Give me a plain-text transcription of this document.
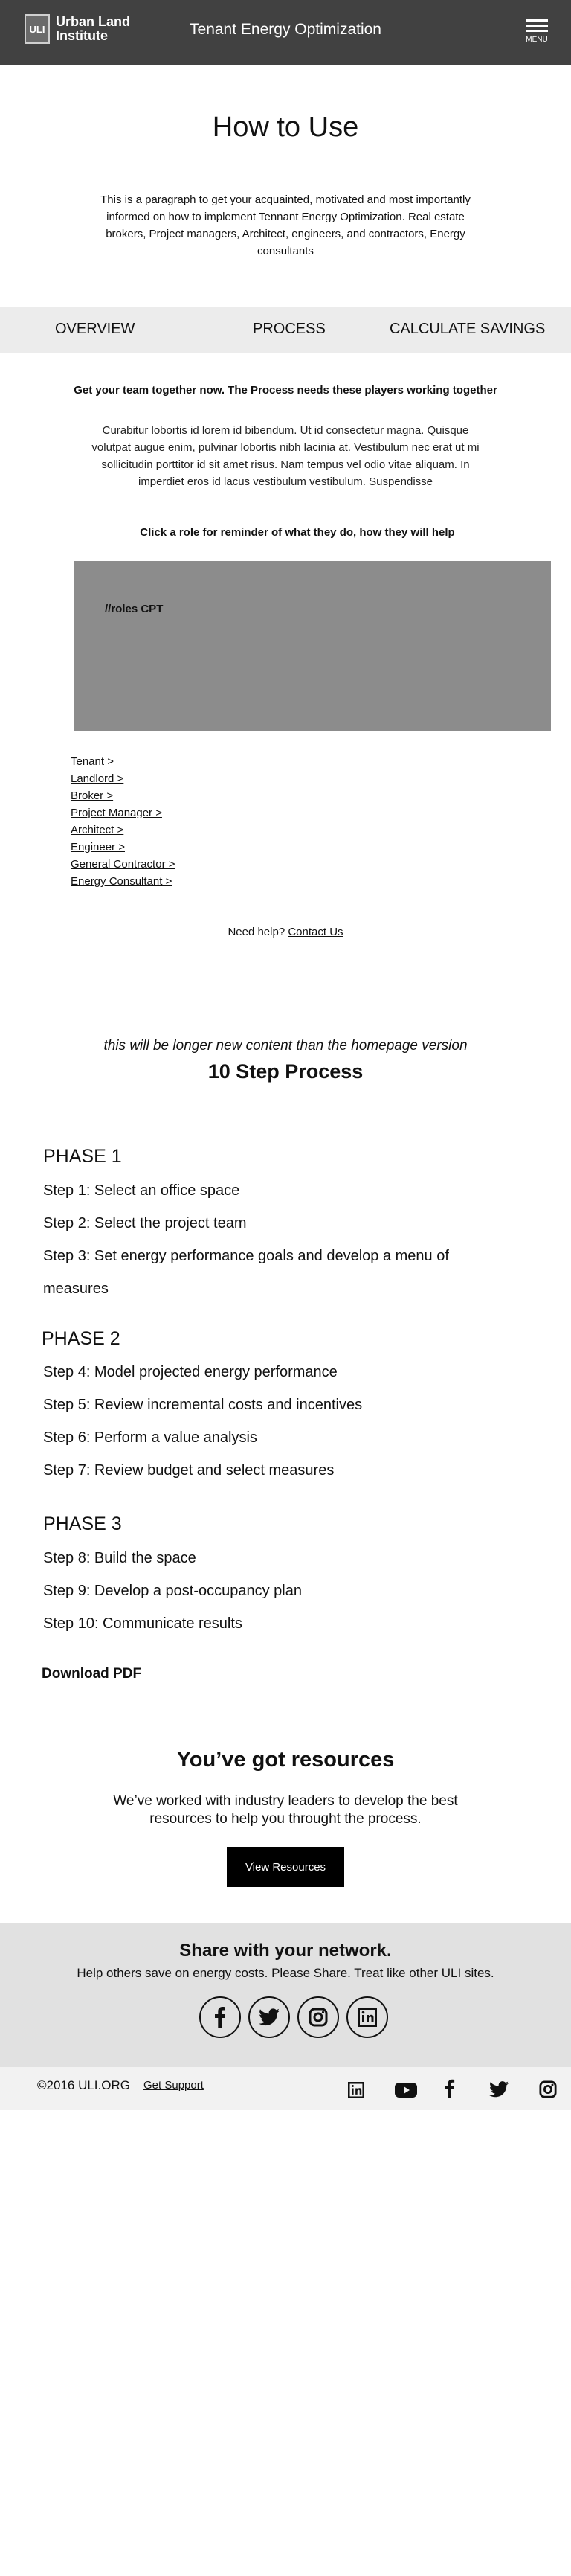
ULI Urban Land
Institute	Tenant Energy Optimization
MENU
How to Use
This is a paragraph to get your acquainted, motivated and most importantly informed on how to implement Tennant Energy Optimization. Real estate brokers, Project managers, Architect, engineers, and contractors, Energy consultants
OVERVIEW	PROCESS	CALCULATE SAVINGS
Get your team together now. The Process needs these players working together
Curabitur lobortis id lorem id bibendum. Ut id consectetur magna. Quisque volutpat augue enim, pulvinar lobortis nibh lacinia at. Vestibulum nec erat ut mi sollicitudin porttitor id sit amet risus. Nam tempus vel odio vitae aliquam. In imperdiet eros id lacus vestibulum vestibulum. Suspendisse
Click a role for reminder of what they do, how they will help
//roles CPT
Tenant >
Landlord >
Broker >
Project Manager >
Architect >
Engineer >
General Contractor >
Energy Consultant >
Need help? Contact Us
this will be longer new content than the homepage version
10 Step Process
PHASE 1
Step 1: Select an office space
Step 2: Select the project team
Step 3: Set energy performance goals and develop a menu of measures
PHASE 2
Step 4: Model projected energy performance
Step 5: Review incremental costs and incentives
Step 6: Perform a value analysis
Step 7: Review budget and select measures
PHASE 3
Step 8: Build the space
Step 9: Develop a post-occupancy plan
Step 10: Communicate results
Download PDF
You’ve got resources
We’ve worked with industry leaders to develop the best resources to help you throught the process.
View Resources
Share with your network.
Help others save on energy costs. Please Share. Treat like other ULI sites.
©2016 ULI.ORG Get Support
